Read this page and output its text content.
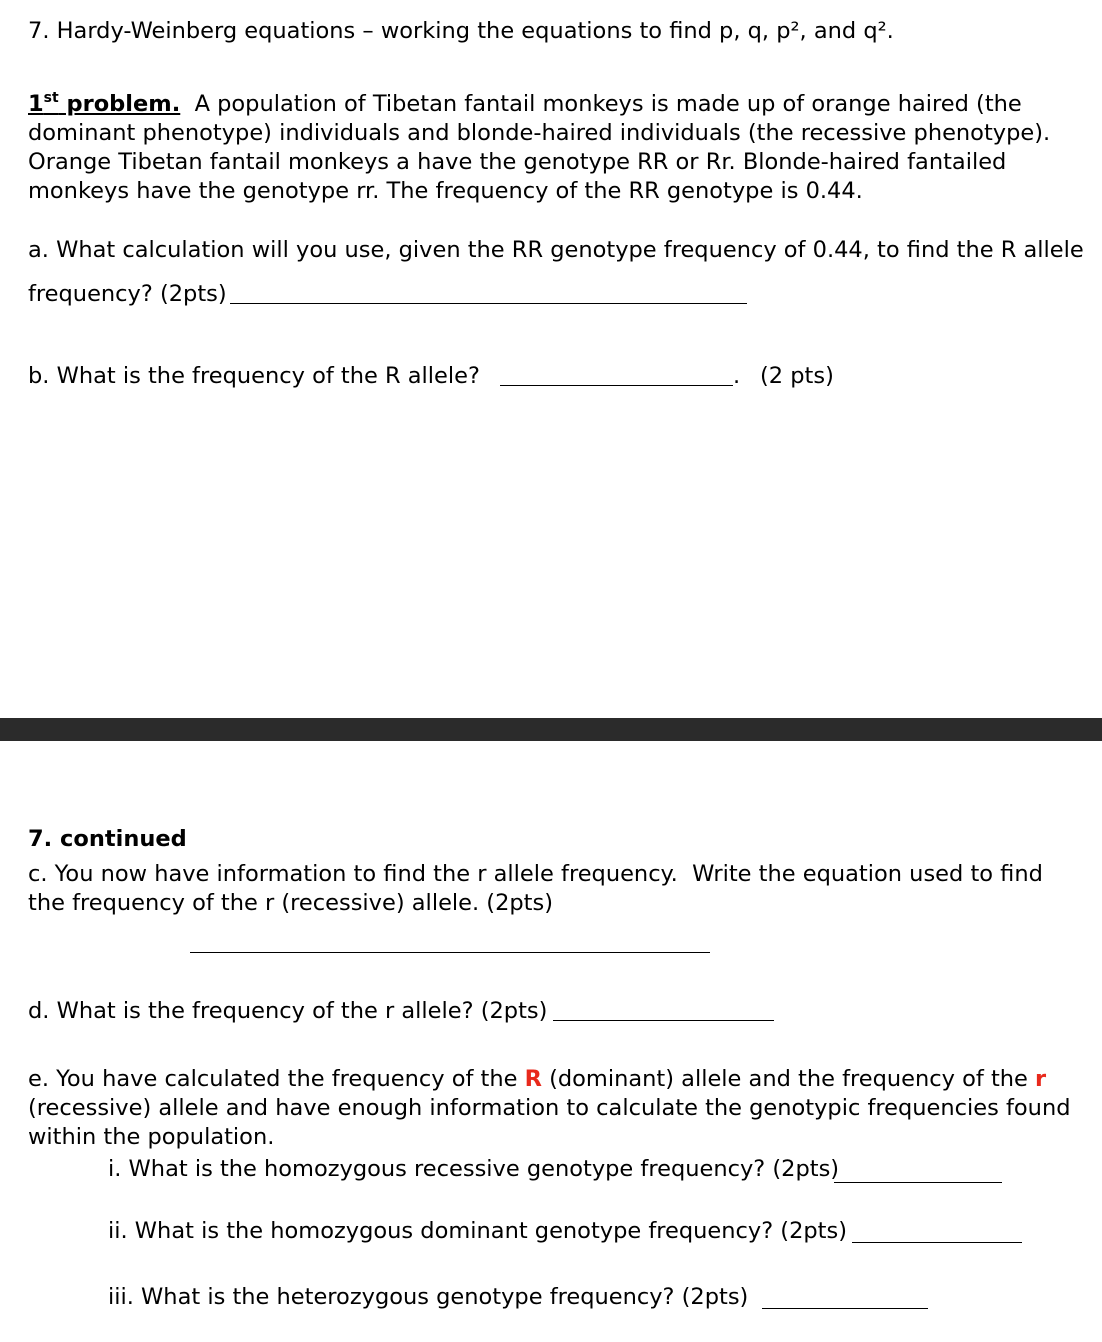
7. Hardy-Weinberg equations – working the equations to find p, q, p², and q².
1st problem.  A population of Tibetan fantail monkeys is made up of orange haired (the
dominant phenotype) individuals and blonde-haired individuals (the recessive phenotype).
Orange Tibetan fantail monkeys a have the genotype RR or Rr. Blonde-haired fantailed
monkeys have the genotype rr. The frequency of the RR genotype is 0.44.
a. What calculation will you use, given the RR genotype frequency of 0.44, to find the R allele
frequency? (2pts)
b. What is the frequency of the R allele?	. (2 pts)
7. continued
c. You now have information to find the r allele frequency.  Write the equation used to find
the frequency of the r (recessive) allele. (2pts)
d. What is the frequency of the r allele? (2pts)
e. You have calculated the frequency of the R (dominant) allele and the frequency of the r
(recessive) allele and have enough information to calculate the genotypic frequencies found
within the population.
i. What is the homozygous recessive genotype frequency? (2pts)
ii. What is the homozygous dominant genotype frequency? (2pts)
iii. What is the heterozygous genotype frequency? (2pts)
